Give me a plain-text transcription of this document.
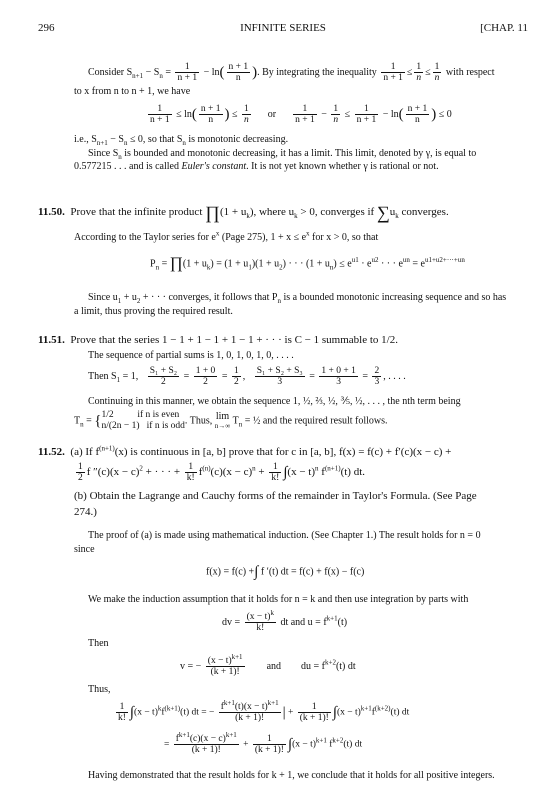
296	INFINITE SERIES	[CHAP. 11
Consider $S_{n+1} - S_n = \frac{1}{n + 1} - \ln( \frac{n + 1}{n}$ ). By integrating the inequality $\frac{1}{n + 1} \le \frac{1}{n} \le \frac{1}{n}$ with respect
to x from n to n + 1, we have
$\frac{1}{n + 1} \le \ln( \frac{n + 1}{n}$ ) ≤ $\frac{1}{n}$ or $\frac{1}{n + 1} - \frac{1}{n} \le \frac{1}{n + 1} - \ln( \frac{n + 1}{n}$ ) ≤ 0
i.e., $S_{n+1} - S_n \le 0$, so that $S_n$ is monotonic decreasing.
Since $S_n$ is bounded and monotonic decreasing, it has a limit. This limit, denoted by γ, is equal to
0.577215 . . . and is called Euler's constant. It is not yet known whether γ is rational or not.
11.50. Prove that the infinite product ∏(1 + $u_k$), where $u_k > 0$, converges if $\sum u_k$ converges.
According to the Taylor series for $e^x$ (Page 275), $1 + x \le e^x$ for x > 0, so that
$P_n$ = ∏(1 + $u_k) = (1 + u_1)(1 + u_2)$ · · · $(1 + u_n) \le e^{u1} \cdot e^{u2}$ · · · $e^{un} = e^{u1+u2+\cdot\cdot\cdot+un}$
Since $u_1 + u_2$ + · · · converges, it follows that $P_n$ is a bounded monotonic increasing sequence and so has
a limit, thus proving the required result.
11.51. Prove that the series 1 − 1 + 1 − 1 + 1 − 1 + · · · is C − 1 summable to 1/2.
The sequence of partial sums is 1, 0, 1, 0, 1, 0, . . . .
Then $S_1 = 1$, $\frac{\text{S₁ + S₂}}{2} = \frac{1 + 0}{2} = \frac{1}{2}$ , $\frac{\text{S₁ + S₂ + S₃}}{3} = \frac{1 + 0 + 1}{3} = \frac{2}{3}$ , . . . .
Continuing in this manner, we obtain the sequence 1, ½, ⅔, ½, ⅗, ½, . . . , the nth term being
$T_n = \{1/2$          if n is even
n/(2n − 1)   if n is odd. Thus, lim
n→∞ $T_n$ = ½ and the required result follows.
11.52. (a) If $f^{(n+1)}(x)$ is continuous in [a, b] prove that for c in [a, b], f(x) = f(c) + f′(c)(x − c) +
$\frac{1}{2}$ f $''(c)(x - c)^2$ + · · · + $\frac{1}{k!} f^{(n)}(c)(x - c)^n + \frac{1}{k!} \int(x - t)^n$ $f^{(n+1)}(t)$ dt.
(b) Obtain the Lagrange and Cauchy forms of the remainder in Taylor's Formula. (See Page
274.)
The proof of (a) is made using mathematical induction. (See Chapter 1.) The result holds for n = 0
since
f(x) = f(c) +∫ f ′(t) dt = f(c) + f(x) − f(c)
We make the induction assumption that it holds for n = k and then use integration by parts with
dv = $\frac{(x - t)^k}{k!}$ dt and $u = f^{k+1}(t)$
Then
v = − $\frac{(x - t)^{k+1}}{(k + 1)!}$ and du = $f^{k+2}(t)$ dt
Thus,
$\frac{1}{k!} \int(x - t)^kf^{(k+1)}(t)$ dt = − $\frac{f^{k+1}(t)(x - t)^{k+1}}{(k + 1)!}$ | + $\frac{1}{(k + 1)!} \int(x - t)^{k+1}f^{(k+2)}(t)$ dt
= $\frac{f^{k+1}(c)(x - c)^{k+1}}{(k + 1)!} + \frac{1}{(k + 1)!} \int(x - t)^{k+1}$ $f^{k+2}(t)$ dt
Having demonstrated that the result holds for k + 1, we conclude that it holds for all positive integers.
